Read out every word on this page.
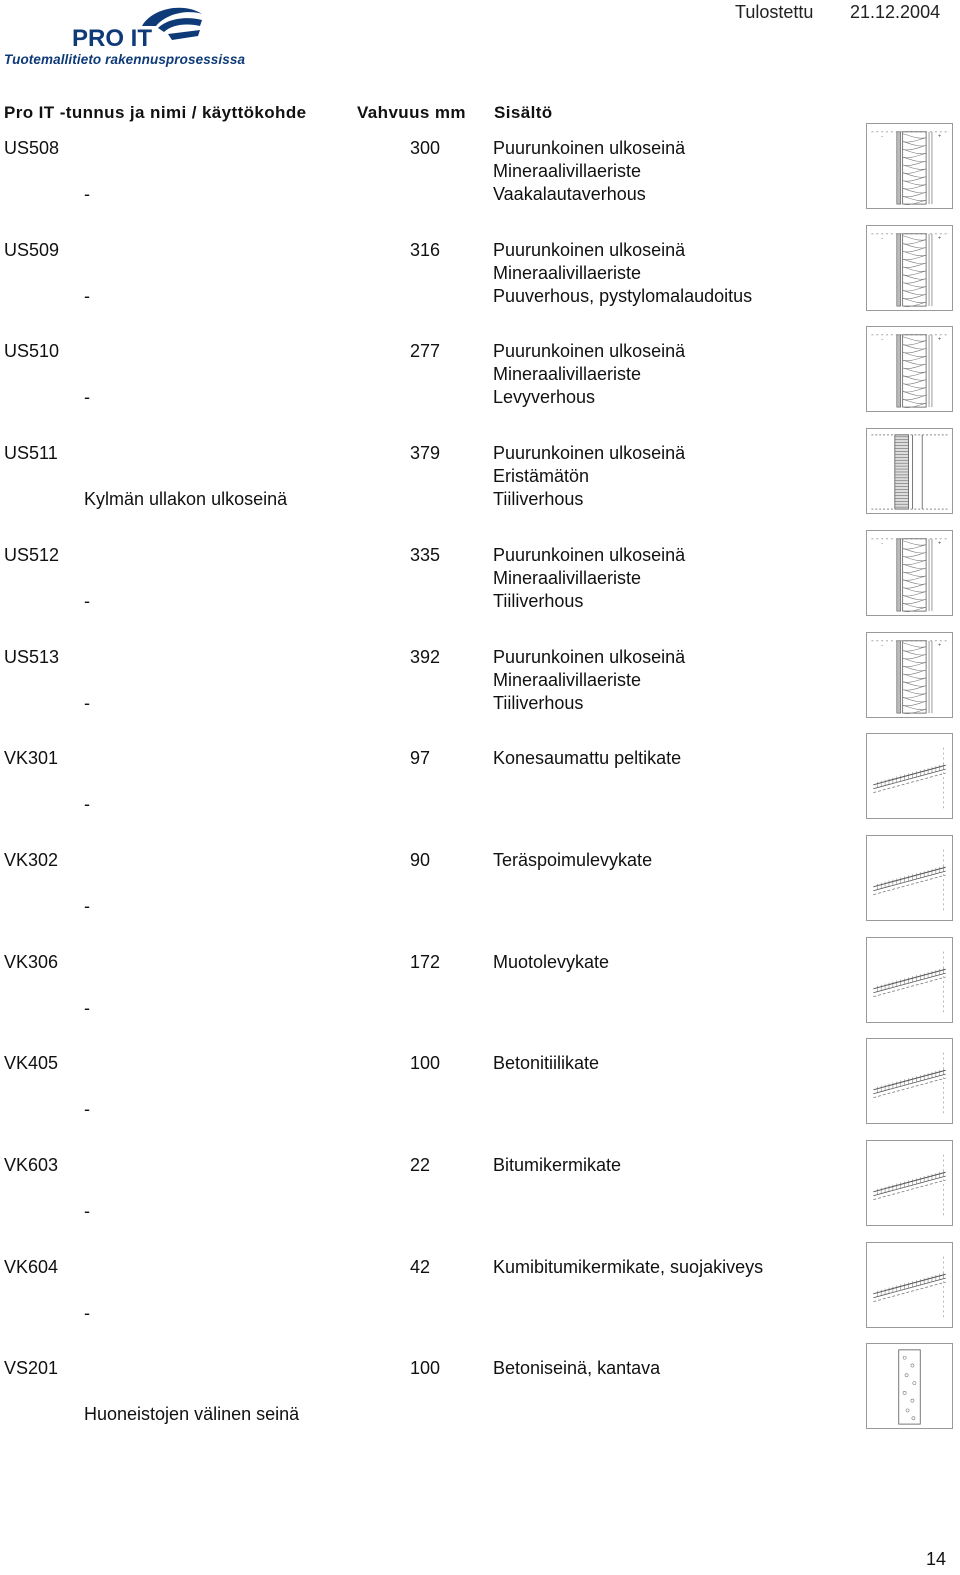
PRO IT
Tuotemallitieto rakennusprosessissa
Tulostettu 21.12.2004
Pro IT -tunnus ja nimi / käyttökohde	Vahvuus mm Sisältö
US508
-
300	Puurunkoinen ulkoseinä
Mineraalivillaeriste
Vaakalautaverhous
-	+
US509
-
316	Puurunkoinen ulkoseinä
Mineraalivillaeriste
Puuverhous, pystylomalaudoitus
-	+
US510
-
277	Puurunkoinen ulkoseinä
Mineraalivillaeriste
Levyverhous
-	+
US511
Kylmän ullakon ulkoseinä
379	Puurunkoinen ulkoseinä
Eristämätön
Tiiliverhous
US512
-
335	Puurunkoinen ulkoseinä
Mineraalivillaeriste
Tiiliverhous
-	+
US513
-
392	Puurunkoinen ulkoseinä
Mineraalivillaeriste
Tiiliverhous
-	+
VK301
-
97	Konesaumattu peltikate
VK302
-
90	Teräspoimulevykate
VK306
-
172	Muotolevykate
VK405
-
100	Betonitiilikate
VK603
-
22	Bitumikermikate
VK604
-
42	Kumibitumikermikate, suojakiveys
VS201
Huoneistojen välinen seinä
100	Betoniseinä, kantava
14
